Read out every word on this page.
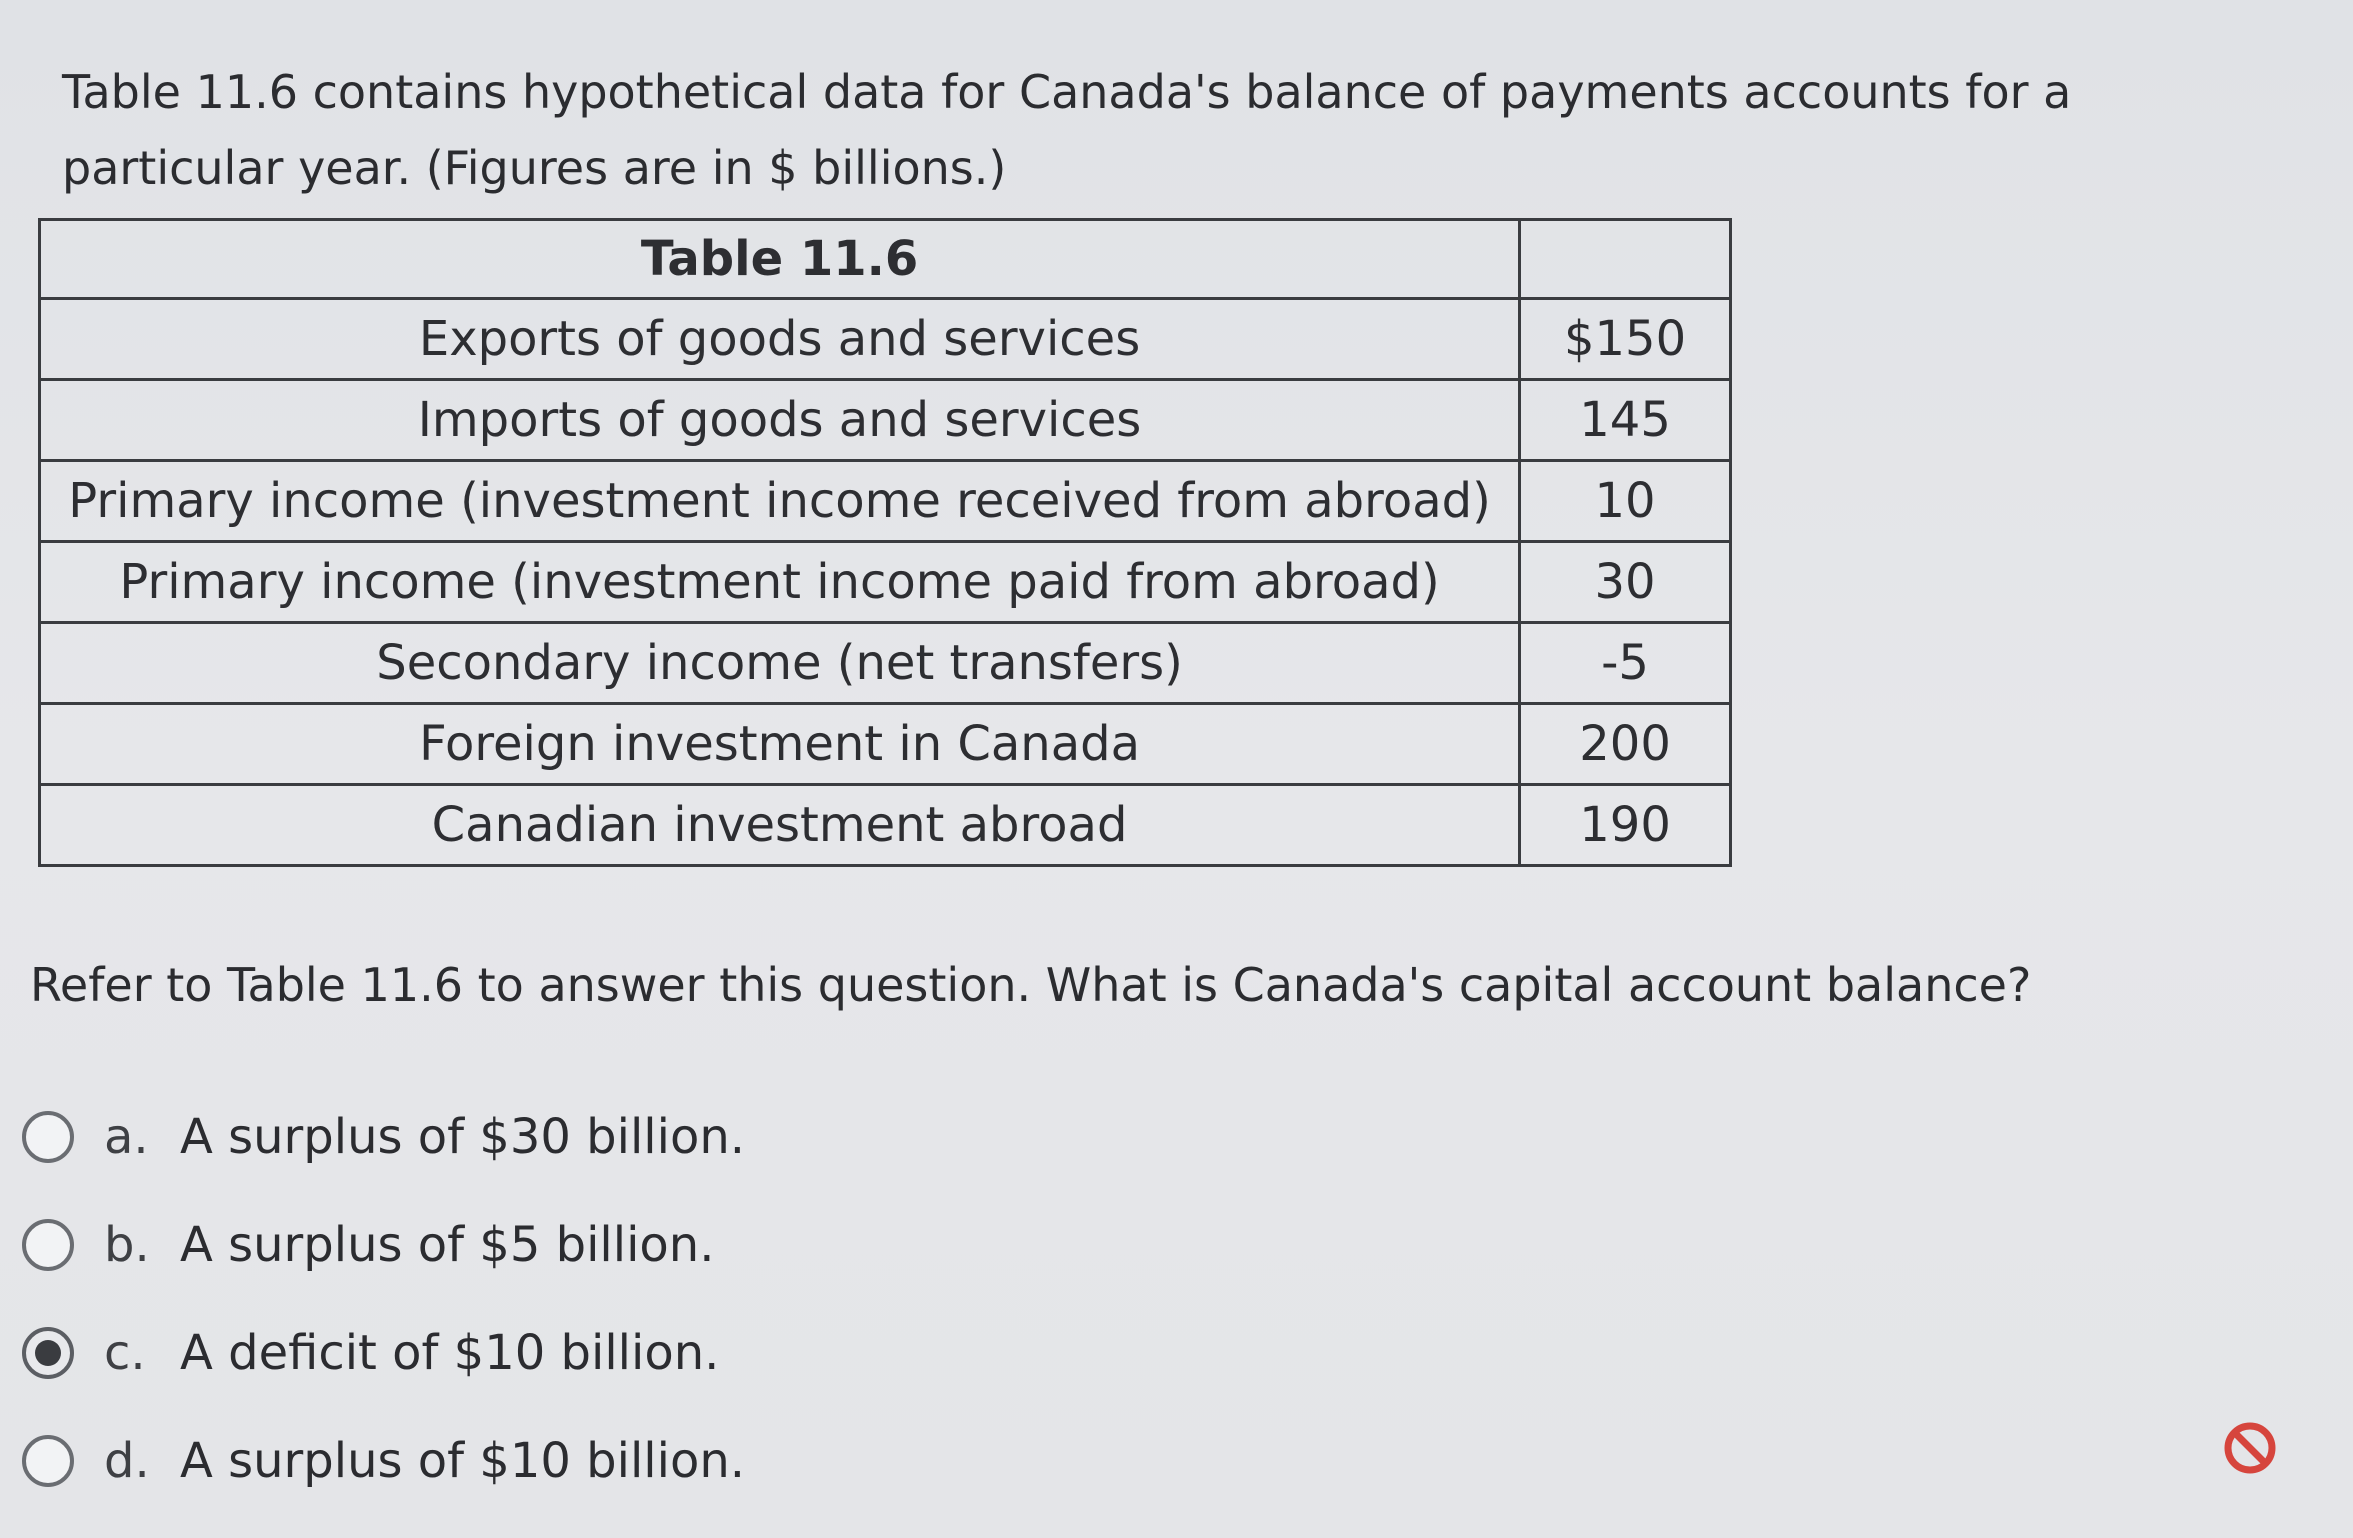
Table 11.6 contains hypothetical data for Canada's balance of payments accounts for a
particular year. (Figures are in $ billions.)
Table 11.6	
Exports of goods and services	$150
Imports of goods and services	145
Primary income (investment income received from abroad)	10
Primary income (investment income paid from abroad)	30
Secondary income (net transfers)	-5
Foreign investment in Canada	200
Canadian investment abroad	190
Refer to Table 11.6 to answer this question. What is Canada's capital account balance?
a. A surplus of $30 billion.
b. A surplus of $5 billion.
c. A deficit of $10 billion.
d. A surplus of $10 billion.
